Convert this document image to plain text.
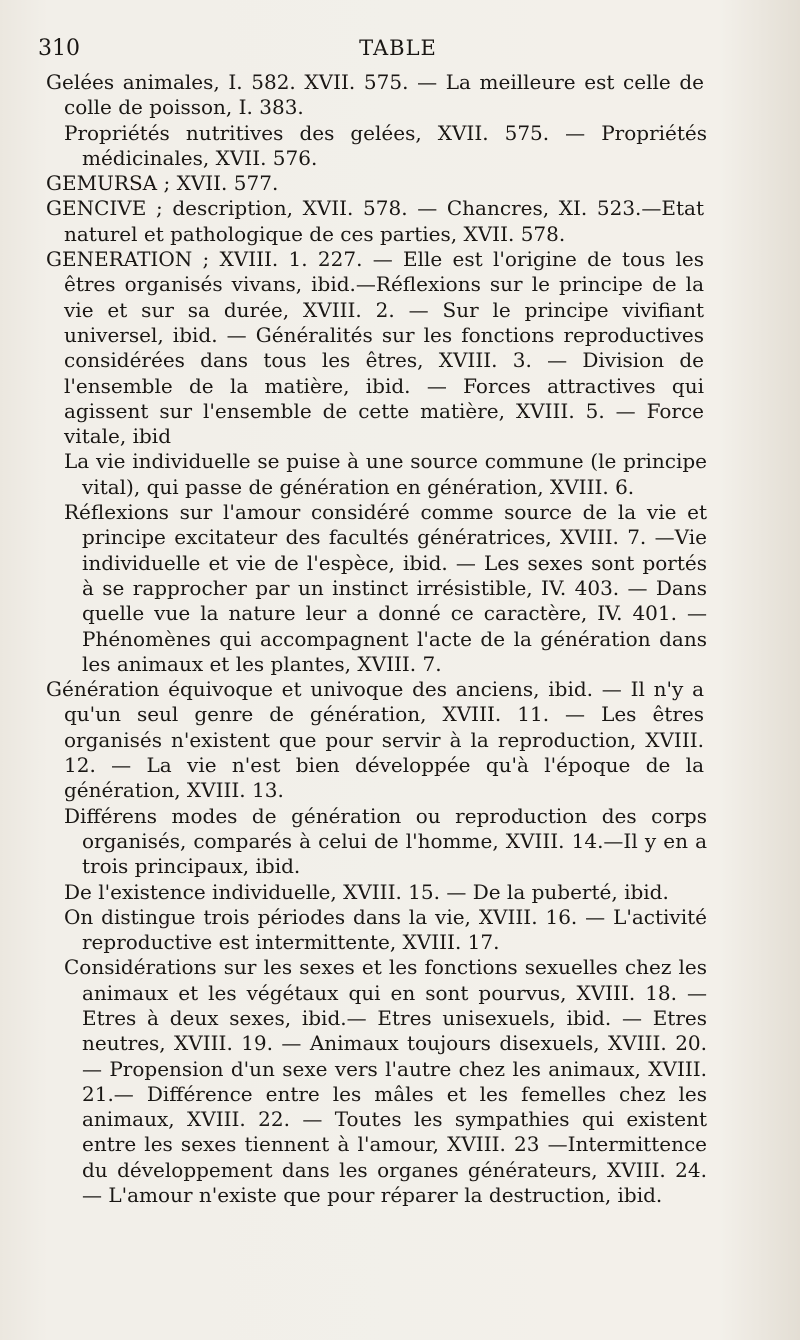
310	TABLE

Gelées animales, I. 582. XVII. 575. — La meilleure est celle de colle de poisson, I. 383.

Propriétés nutritives des gelées, XVII. 575. — Propriétés médicinales, XVII. 576.

GEMURSA ; XVII. 577.

GENCIVE ; description, XVII. 578. — Chancres, XI. 523.—Etat naturel et pathologique de ces parties, XVII. 578.

GENERATION ; XVIII. 1. 227. — Elle est l'origine de tous les êtres organisés vivans, ibid.—Réflexions sur le principe de la vie et sur sa durée, XVIII. 2. — Sur le principe vivifiant universel, ibid. — Généralités sur les fonctions reproductives considérées dans tous les êtres, XVIII. 3. — Division de l'ensemble de la matière, ibid. — Forces attractives qui agissent sur l'ensemble de cette matière, XVIII. 5. — Force vitale, ibid

La vie individuelle se puise à une source commune (le principe vital), qui passe de génération en génération, XVIII. 6.

Réflexions sur l'amour considéré comme source de la vie et principe excitateur des facultés génératrices, XVIII. 7. —Vie individuelle et vie de l'espèce, ibid. — Les sexes sont portés à se rapprocher par un instinct irrésistible, IV. 403. — Dans quelle vue la nature leur a donné ce caractère, IV. 401. — Phénomènes qui accompagnent l'acte de la génération dans les animaux et les plantes, XVIII. 7.

Génération équivoque et univoque des anciens, ibid. — Il n'y a qu'un seul genre de génération, XVIII. 11. — Les êtres organisés n'existent que pour servir à la reproduction, XVIII. 12. — La vie n'est bien développée qu'à l'époque de la génération, XVIII. 13.

Différens modes de génération ou reproduction des corps organisés, comparés à celui de l'homme, XVIII. 14.—Il y en a trois principaux, ibid.

De l'existence individuelle, XVIII. 15. — De la puberté, ibid.

On distingue trois périodes dans la vie, XVIII. 16. — L'activité reproductive est intermittente, XVIII. 17.

Considérations sur les sexes et les fonctions sexuelles chez les animaux et les végétaux qui en sont pourvus, XVIII. 18. — Etres à deux sexes, ibid.— Etres unisexuels, ibid. — Etres neutres, XVIII. 19. — Animaux toujours disexuels, XVIII. 20. — Propension d'un sexe vers l'autre chez les animaux, XVIII. 21.— Différence entre les mâles et les femelles chez les animaux, XVIII. 22. — Toutes les sympathies qui existent entre les sexes tiennent à l'amour, XVIII. 23 —Intermittence du développement dans les organes générateurs, XVIII. 24. — L'amour n'existe que pour réparer la destruction, ibid.
